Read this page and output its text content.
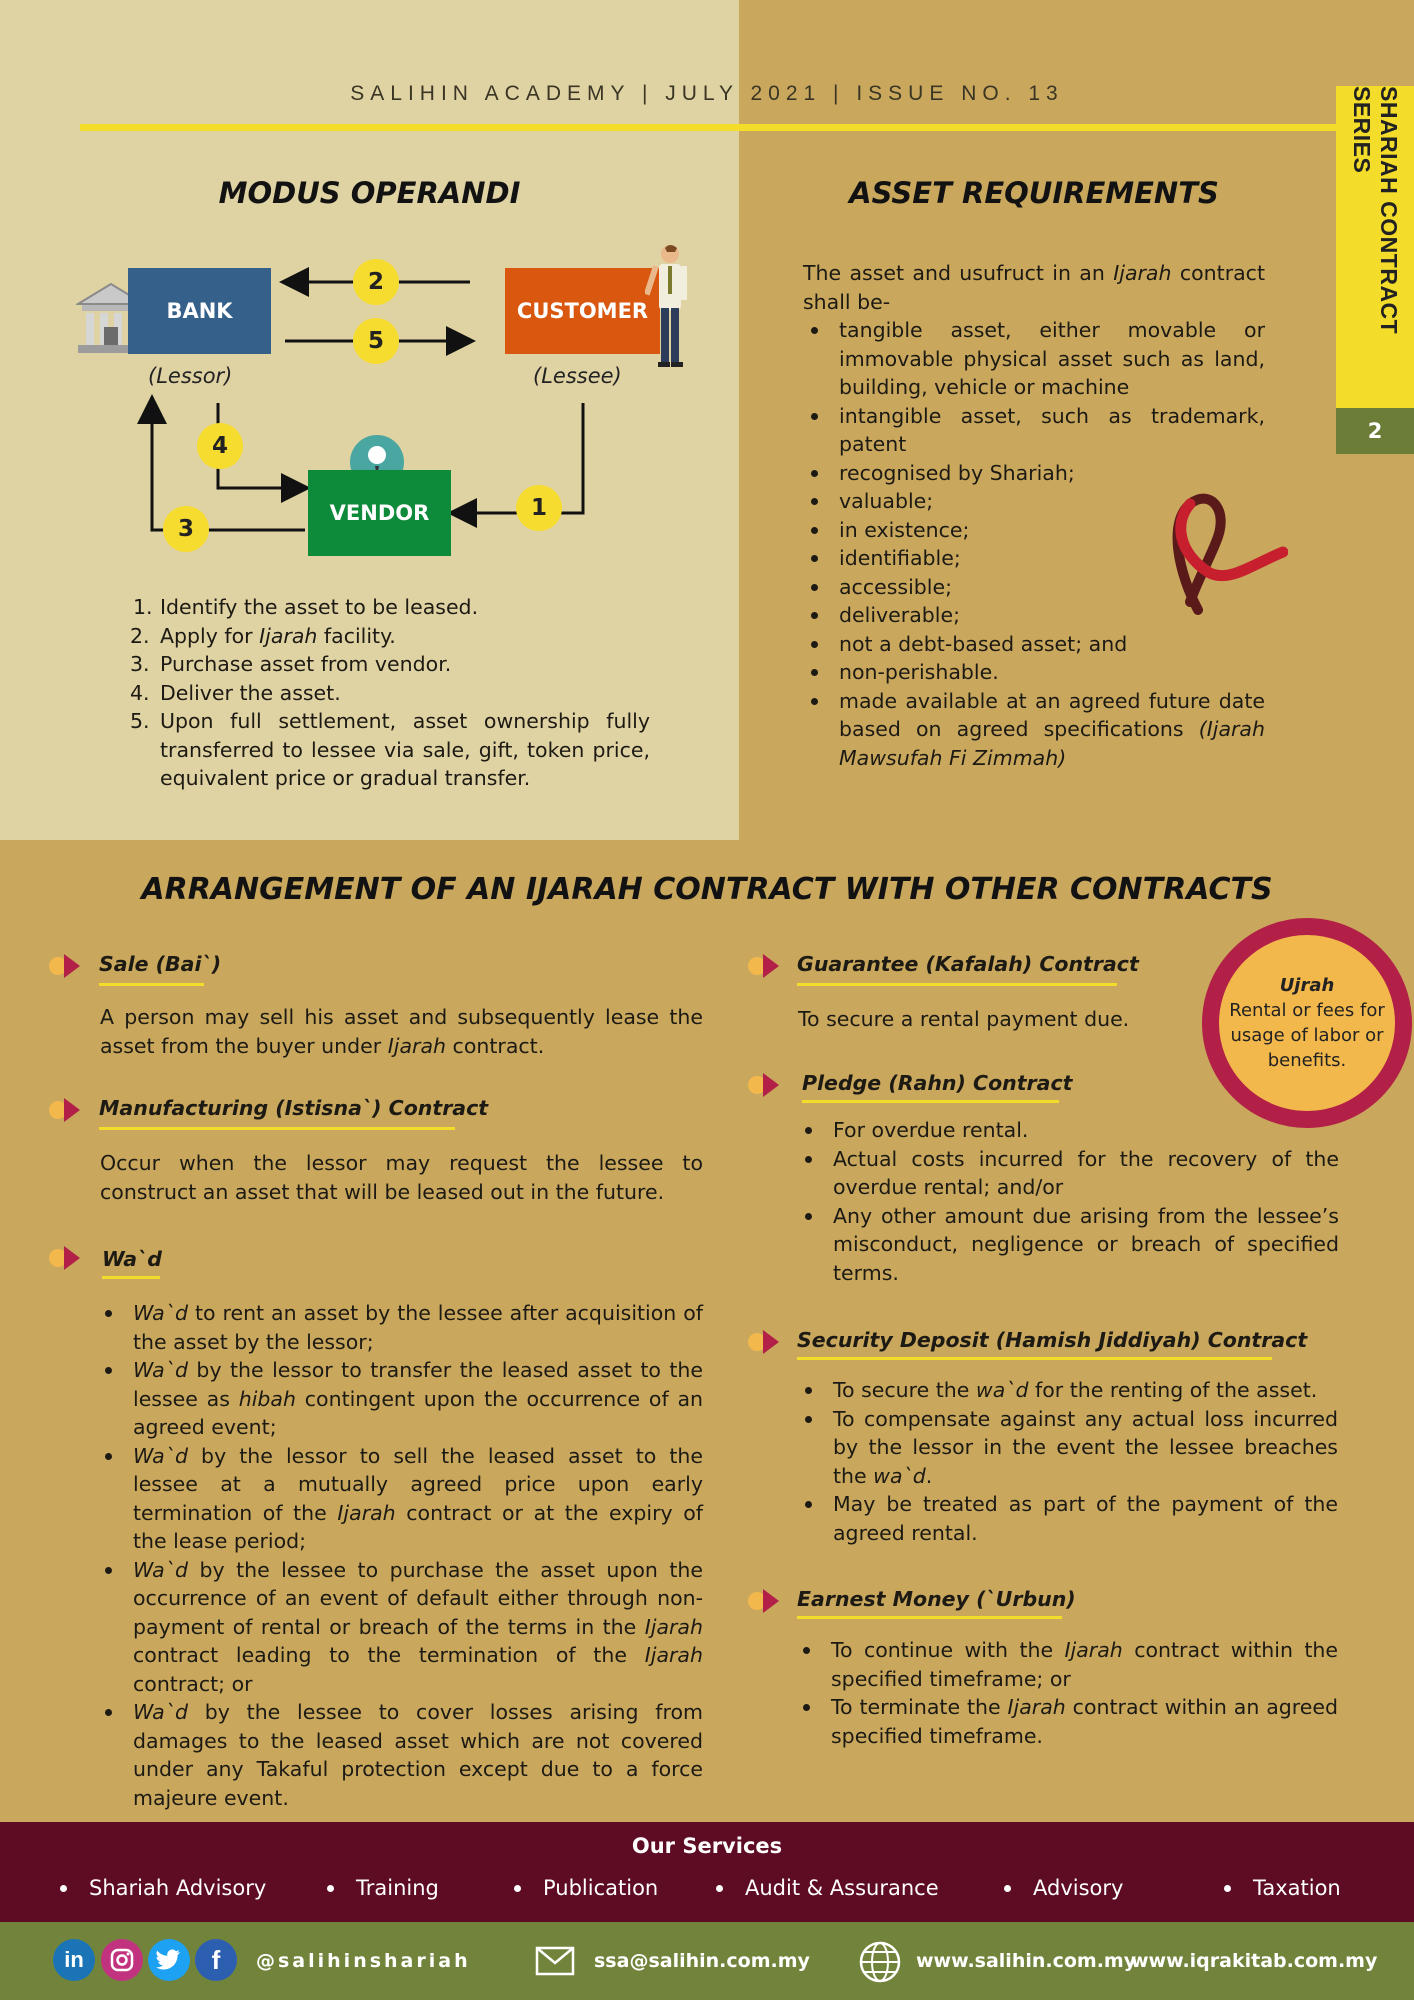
SALIHIN ACADEMY | JULY 2021 | ISSUE NO. 13	SHARIAH CONTRACT SERIES
2
MODUS OPERANDI
BANK	CUSTOMER
(Lessor)	(Lessee)
VENDOR
2
5
4
1
3
1. Identify the asset to be leased.
2. Apply for Ijarah facility.
3. Purchase asset from vendor.
4. Deliver the asset.
5. Upon full settlement, asset ownership fully transferred to lessee via sale, gift, token price, equivalent price or gradual transfer.
ASSET REQUIREMENTS

The asset and usufruct in an Ijarah contract shall be-

tangible asset, either movable or immovable physical asset such as land, building, vehicle or machine
intangible asset, such as trademark, patent
recognised by Shariah;
valuable;
in existence;
identifiable;
accessible;
deliverable;
not a debt-based asset; and
non-perishable.
made available at an agreed future date based on agreed specifications (Ijarah Mawsufah Fi Zimmah)
ARRANGEMENT OF AN IJARAH CONTRACT WITH OTHER CONTRACTS
Sale (Bai`)
A person may sell his asset and subsequently lease the asset from the buyer under Ijarah contract.
Manufacturing (Istisna`) Contract
Occur when the lessor may request the lessee to construct an asset that will be leased out in the future.
Wa`d
Wa`d to rent an asset by the lessee after acquisition of the asset by the lessor;
Wa`d by the lessor to transfer the leased asset to the lessee as hibah contingent upon the occurrence of an agreed event;
Wa`d by the lessor to sell the leased asset to the lessee at a mutually agreed price upon early termination of the Ijarah contract or at the expiry of the lease period;
Wa`d by the lessee to purchase the asset upon the occurrence of an event of default either through non-payment of rental or breach of the terms in the Ijarah contract leading to the termination of the Ijarah contract; or
Wa`d by the lessee to cover losses arising from damages to the leased asset which are not covered under any Takaful protection except due to a force majeure event.
Guarantee (Kafalah) Contract
To secure a rental payment due.
Pledge (Rahn) Contract
For overdue rental.
Actual costs incurred for the recovery of the overdue rental; and/or
Any other amount due arising from the lessee’s misconduct, negligence or breach of specified terms.
Security Deposit (Hamish Jiddiyah) Contract
To secure the wa`d for the renting of the asset.
To compensate against any actual loss incurred by the lessor in the event the lessee breaches the wa`d.
May be treated as part of the payment of the agreed rental.
Earnest Money (`Urbun)
To continue with the Ijarah contract within the specified timeframe; or
To terminate the Ijarah contract within an agreed specified timeframe.
Ujrah
Rental or fees for usage of labor or benefits.
Our Services
Shariah Advisory	Training	Publication	Audit & Assurance	Advisory	Taxation
in	f	@salihinshariah	ssa@salihin.com.my	www.salihin.com.my
www.iqrakitab.com.my
